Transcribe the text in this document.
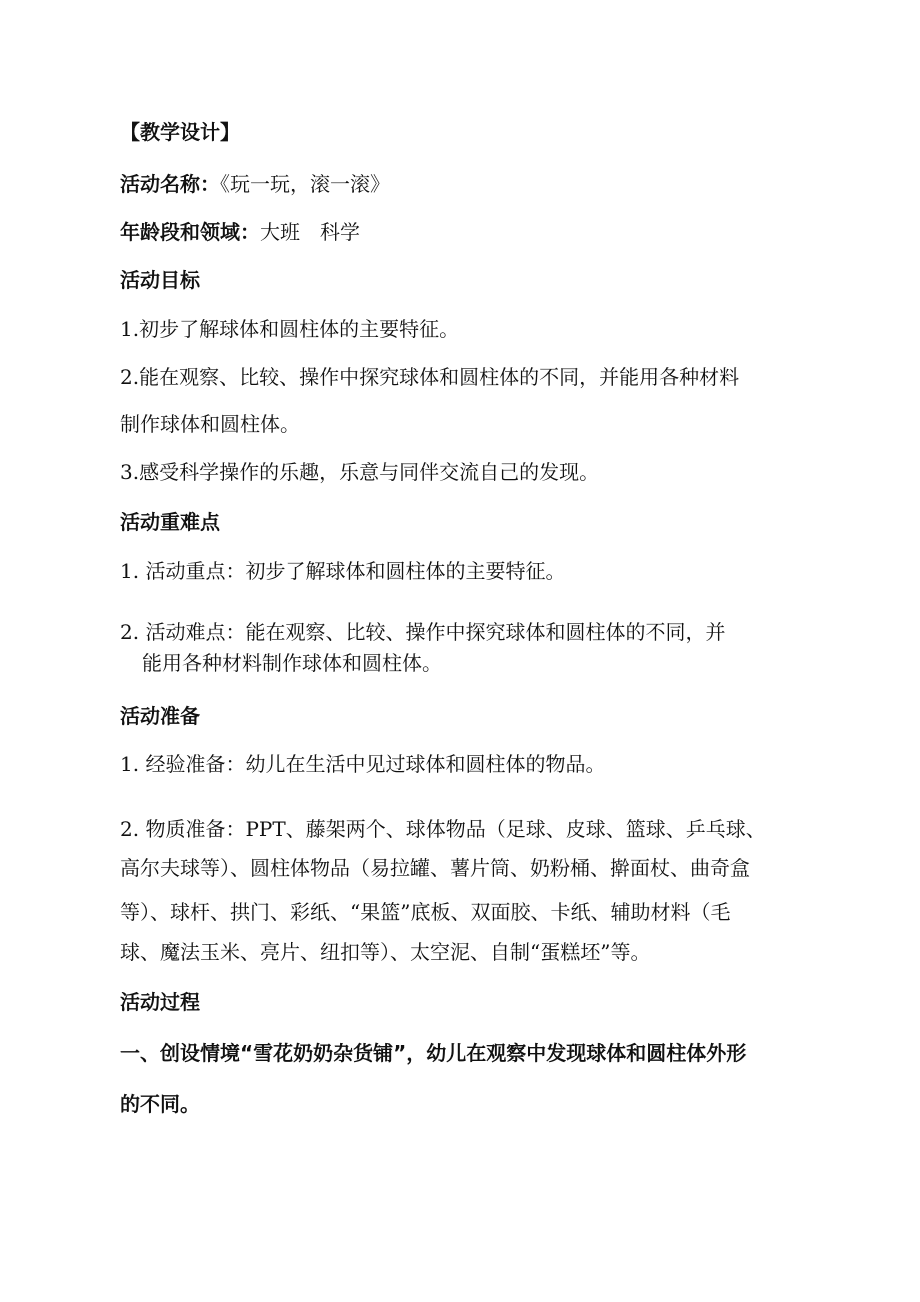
【教学设计】
活动名称：《玩一玩，滚一滚》
年龄段和领域：大班　科学
活动目标
1.初步了解球体和圆柱体的主要特征。
2.能在观察、比较、操作中探究球体和圆柱体的不同，并能用各种材料
制作球体和圆柱体。
3.感受科学操作的乐趣，乐意与同伴交流自己的发现。
活动重难点
1. 活动重点：初步了解球体和圆柱体的主要特征。
2. 活动难点：能在观察、比较、操作中探究球体和圆柱体的不同，并
能用各种材料制作球体和圆柱体。
活动准备
1. 经验准备：幼儿在生活中见过球体和圆柱体的物品。
2. 物质准备：PPT、藤架两个、球体物品（足球、皮球、篮球、乒乓球、
高尔夫球等）、圆柱体物品（易拉罐、薯片筒、奶粉桶、擀面杖、曲奇盒
等）、球杆、拱门、彩纸、“果篮”底板、双面胶、卡纸、辅助材料（毛
球、魔法玉米、亮片、纽扣等）、太空泥、自制“蛋糕坯”等。
活动过程
一、创设情境“雪花奶奶杂货铺”，幼儿在观察中发现球体和圆柱体外形
的不同。
